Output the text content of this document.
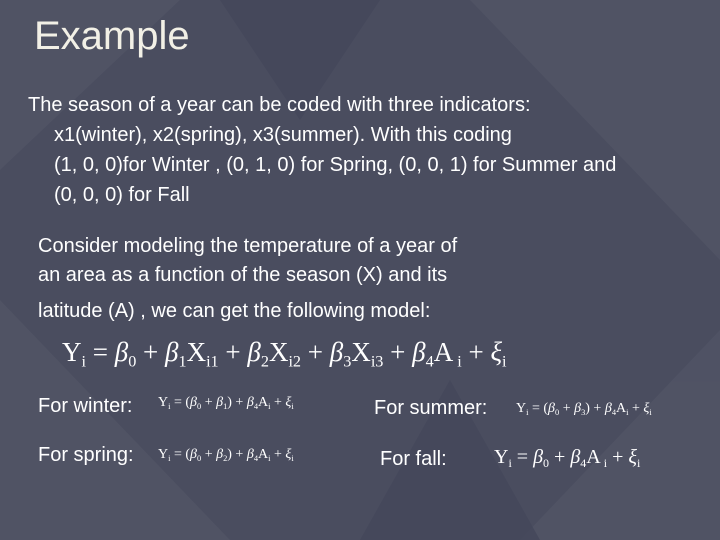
Example
The season of a year can be coded with three indicators:
x1(winter), x2(spring), x3(summer). With this coding
(1, 0, 0)for Winter , (0, 1, 0) for Spring, (0, 0, 1) for Summer and
(0, 0, 0) for Fall
Consider modeling the temperature of a year of
an area as a function of the season (X) and its
latitude (A) , we can get the following model:
$Y_i = \beta_0 + \beta_1X_{i1} + \beta_2X_{i2} + \beta_3X_{i3} + \beta_4A$ $_i + \xi_i$
For winter: $Y_i = (\beta_0 + \beta_1) + \beta_4A_i + \xi_i$	For summer: $Y_i = (\beta_0 + \beta_3) + \beta_4A_i + \xi_i$
For spring: $Y_i = (\beta_0 + \beta_2) + \beta_4A_i + \xi_i$	For fall: $Y_i = \beta_0 + \beta_4A$ $_i + \xi_i$
